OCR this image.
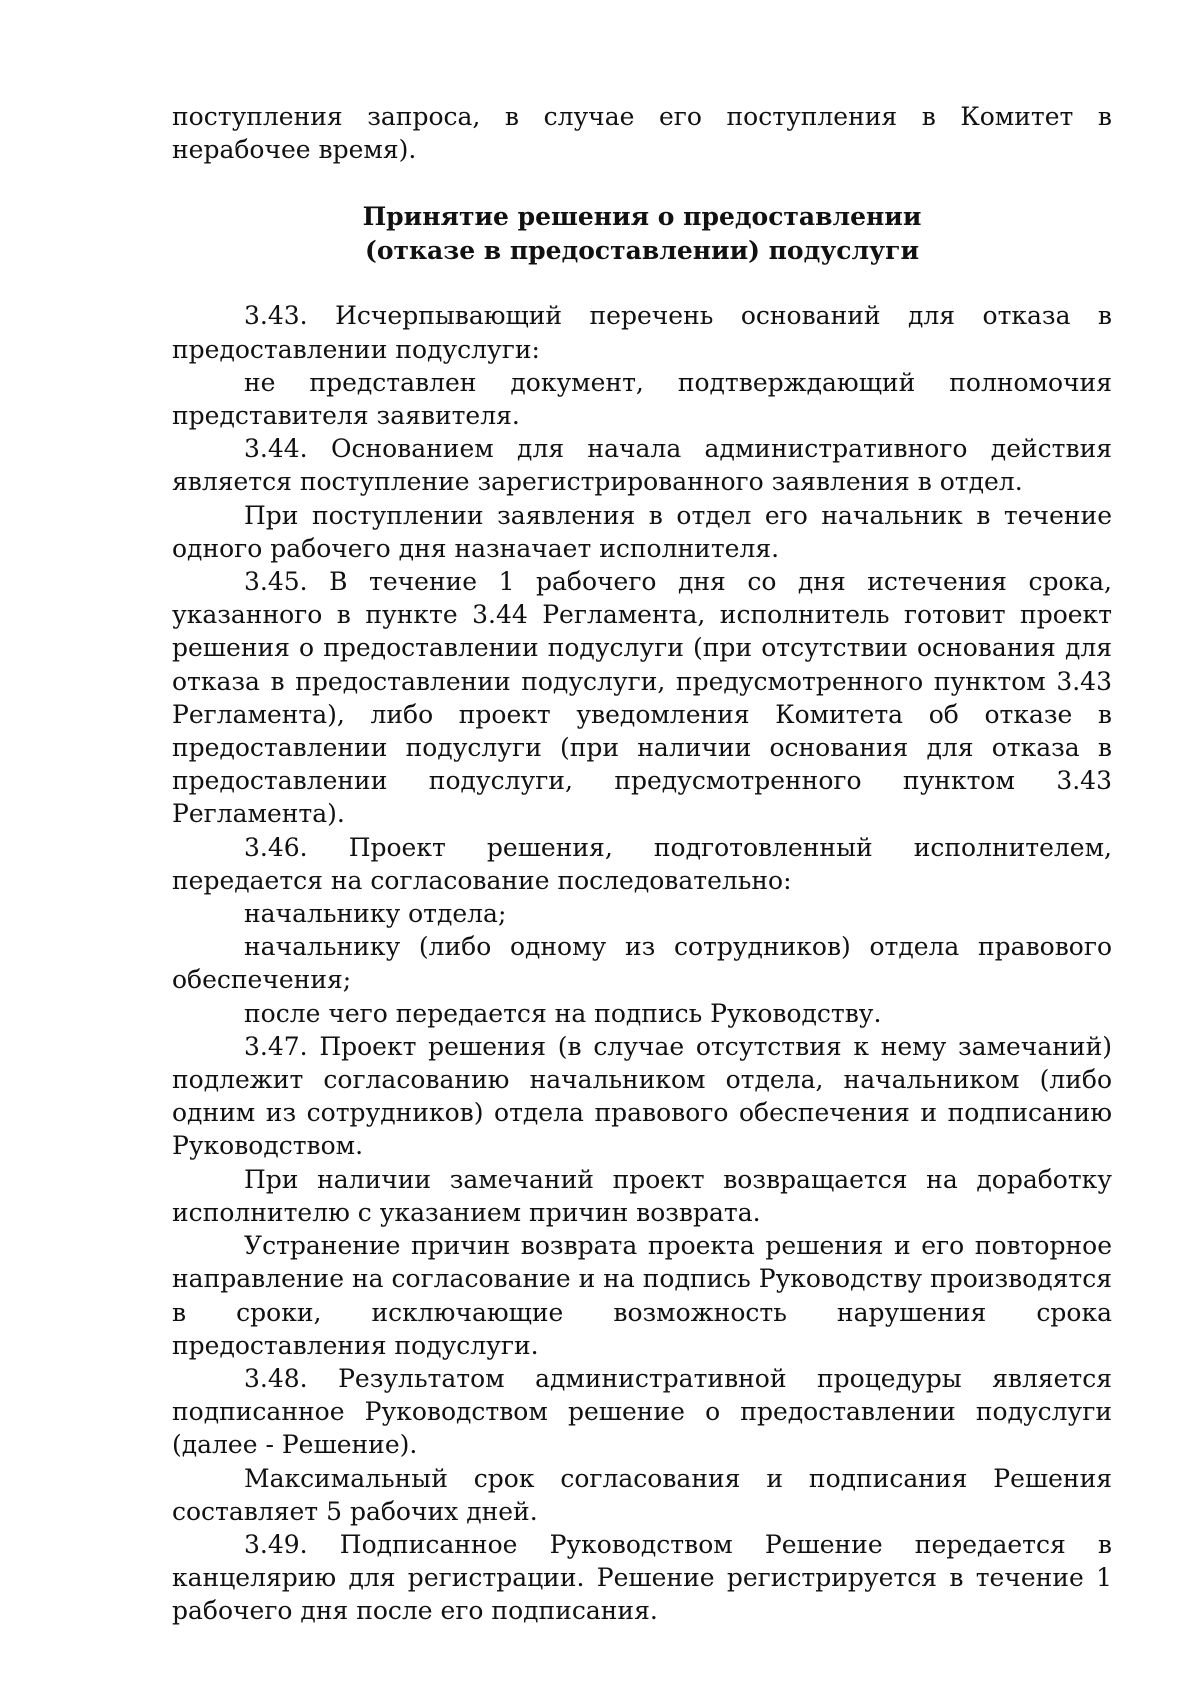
поступления запроса, в случае его поступления в Комитет в нерабочее время).

Принятие решения о предоставлении
(отказе в предоставлении) подуслуги

3.43. Исчерпывающий перечень оснований для отказа в предоставлении подуслуги:

не представлен документ, подтверждающий полномочия представителя заявителя.

3.44. Основанием для начала административного действия является поступление зарегистрированного заявления в отдел.

При поступлении заявления в отдел его начальник в течение одного рабочего дня назначает исполнителя.

3.45. В течение 1 рабочего дня со дня истечения срока, указанного в пункте 3.44 Регламента, исполнитель готовит проект решения о предоставлении подуслуги (при отсутствии основания для отказа в предоставлении подуслуги, предусмотренного пунктом 3.43 Регламента), либо проект уведомления Комитета об отказе в предоставлении подуслуги (при наличии основания для отказа в предоставлении подуслуги, предусмотренного пунктом 3.43 Регламента).

3.46. Проект решения, подготовленный исполнителем, передается на согласование последовательно:

начальнику отдела;

начальнику (либо одному из сотрудников) отдела правового обеспечения;

после чего передается на подпись Руководству.

3.47. Проект решения (в случае отсутствия к нему замечаний) подлежит согласованию начальником отдела, начальником (либо одним из сотрудников) отдела правового обеспечения и подписанию Руководством.

При наличии замечаний проект возвращается на доработку исполнителю с указанием причин возврата.

Устранение причин возврата проекта решения и его повторное направление на согласование и на подпись Руководству производятся в сроки, исключающие возможность нарушения срока предоставления подуслуги.

3.48. Результатом административной процедуры является подписанное Руководством решение о предоставлении подуслуги (далее - Решение).

Максимальный срок согласования и подписания Решения составляет 5 рабочих дней.

3.49. Подписанное Руководством Решение передается в канцелярию для регистрации. Решение регистрируется в течение 1 рабочего дня после его подписания.
